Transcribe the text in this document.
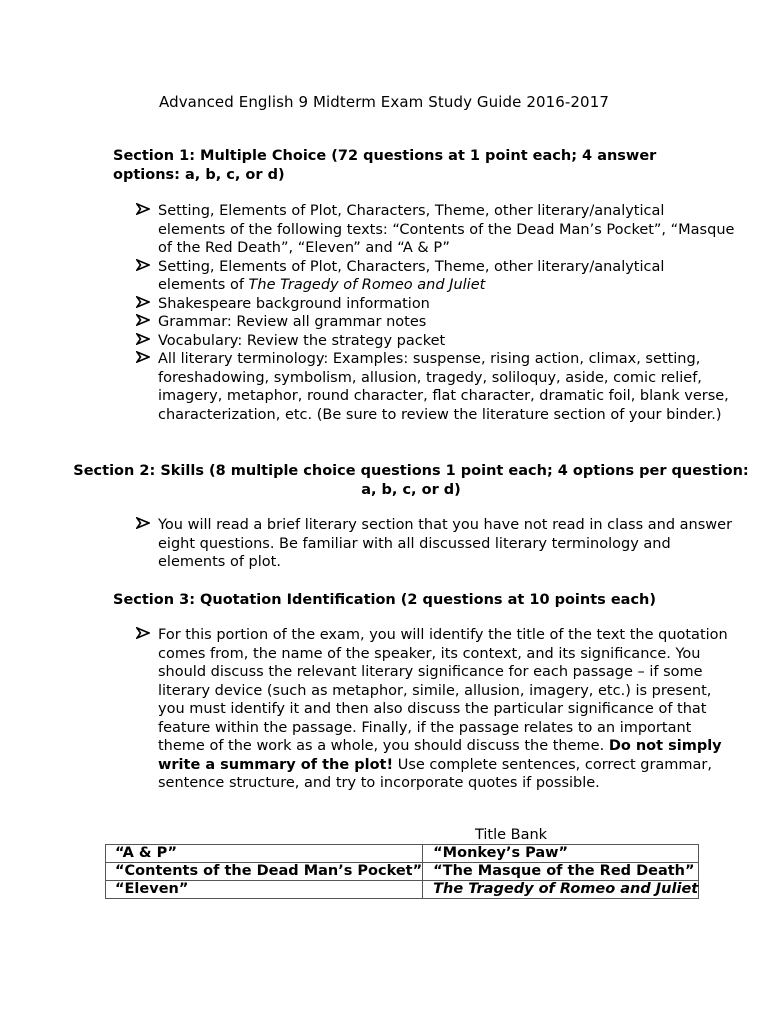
Advanced English 9 Midterm Exam Study Guide 2016-2017
Section 1: Multiple Choice (72 questions at 1 point each; 4 answer
options: a, b, c, or d)
Setting, Elements of Plot, Characters, Theme, other literary/analytical elements of the following texts: “Contents of the Dead Man’s Pocket”, “Masque of the Red Death”, “Eleven” and “A & P”
Setting, Elements of Plot, Characters, Theme, other literary/analytical elements of The Tragedy of Romeo and Juliet
Shakespeare background information
Grammar: Review all grammar notes
Vocabulary: Review the strategy packet
All literary terminology: Examples: suspense, rising action, climax, setting, foreshadowing, symbolism, allusion, tragedy, soliloquy, aside, comic relief, imagery, metaphor, round character, flat character, dramatic foil, blank verse, characterization, etc. (Be sure to review the literature section of your binder.)
Section 2: Skills (8 multiple choice questions 1 point each; 4 options per question:
a, b, c, or d)
You will read a brief literary section that you have not read in class and answer eight questions. Be familiar with all discussed literary terminology and elements of plot.
Section 3: Quotation Identification (2 questions at 10 points each)
For this portion of the exam, you will identify the title of the text the quotation comes from, the name of the speaker, its context, and its significance. You should discuss the relevant literary significance for each passage – if some literary device (such as metaphor, simile, allusion, imagery, etc.) is present, you must identify it and then also discuss the particular significance of that feature within the passage. Finally, if the passage relates to an important theme of the work as a whole, you should discuss the theme. Do not simply write a summary of the plot! Use complete sentences, correct grammar, sentence structure, and try to incorporate quotes if possible.
Title Bank
“A & P”	“Monkey’s Paw”
“Contents of the Dead Man’s Pocket”	“The Masque of the Red Death”
“Eleven”	The Tragedy of Romeo and Juliet
